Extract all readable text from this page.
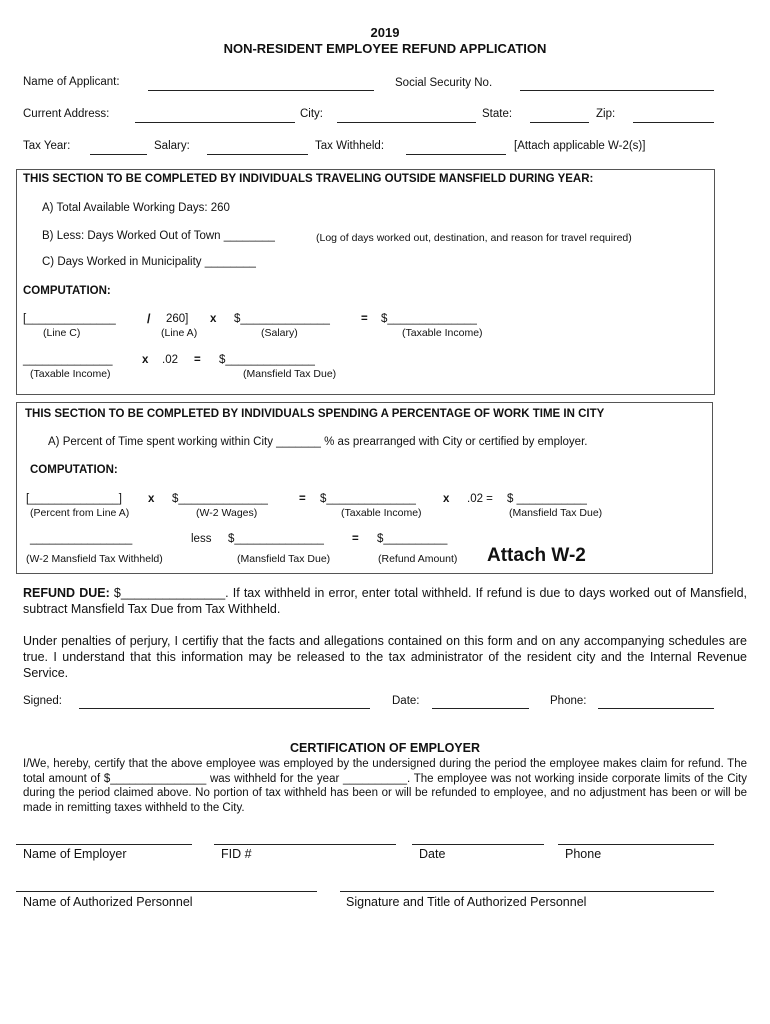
2019
NON-RESIDENT EMPLOYEE REFUND APPLICATION
Name of Applicant:	Social Security No.
Current Address:	City:	State:	Zip:
Tax Year:	Salary:	Tax Withheld:	[Attach applicable W-2(s)]
THIS SECTION TO BE COMPLETED BY INDIVIDUALS TRAVELING OUTSIDE MANSFIELD DURING YEAR:
A) Total Available Working Days: 260
B) Less: Days Worked Out of Town ________	(Log of days worked out, destination, and reason for travel required)
C) Days Worked in Municipality ________
COMPUTATION:
[______________	/ 260] x $______________	= $______________
(Line C)	(Line A)	(Salary)	(Taxable Income)
______________	x .02 = $______________
(Taxable Income)	(Mansfield Tax Due)
THIS SECTION TO BE COMPLETED BY INDIVIDUALS SPENDING A PERCENTAGE OF WORK TIME IN CITY
A) Percent of Time spent working within City _______ % as prearranged with City or certified by employer.
COMPUTATION:
[______________] x $______________	= $______________ x .02 = $ ___________
(Percent from Line A)	(W-2 Wages)	(Taxable Income)	(Mansfield Tax Due)
________________	less $______________ = $__________
(W-2 Mansfield Tax Withheld)	(Mansfield Tax Due)	(Refund Amount) Attach W-2
REFUND DUE: $_______________. If tax withheld in error, enter total withheld. If refund is due to days worked out of Mansfield, subtract Mansfield Tax Due from Tax Withheld.
Under penalties of perjury, I certifiy that the facts and allegations contained on this form and on any accompanying schedules are true. I understand that this information may be released to the tax administrator of the resident city and the Internal Revenue Service.
Signed:	Date:	Phone:
CERTIFICATION OF EMPLOYER
I/We, hereby, certify that the above employee was employed by the undersigned during the period the employee makes claim for refund. The total amount of $_______________ was withheld for the year __________. The employee was not working inside corporate limits of the City during the period claimed above. No portion of tax withheld has been or will be refunded to employee, and no adjustment has been or will be made in remitting taxes withheld to the City.
Name of Employer	FID #	Date	Phone
Name of Authorized Personnel	Signature and Title of Authorized Personnel
